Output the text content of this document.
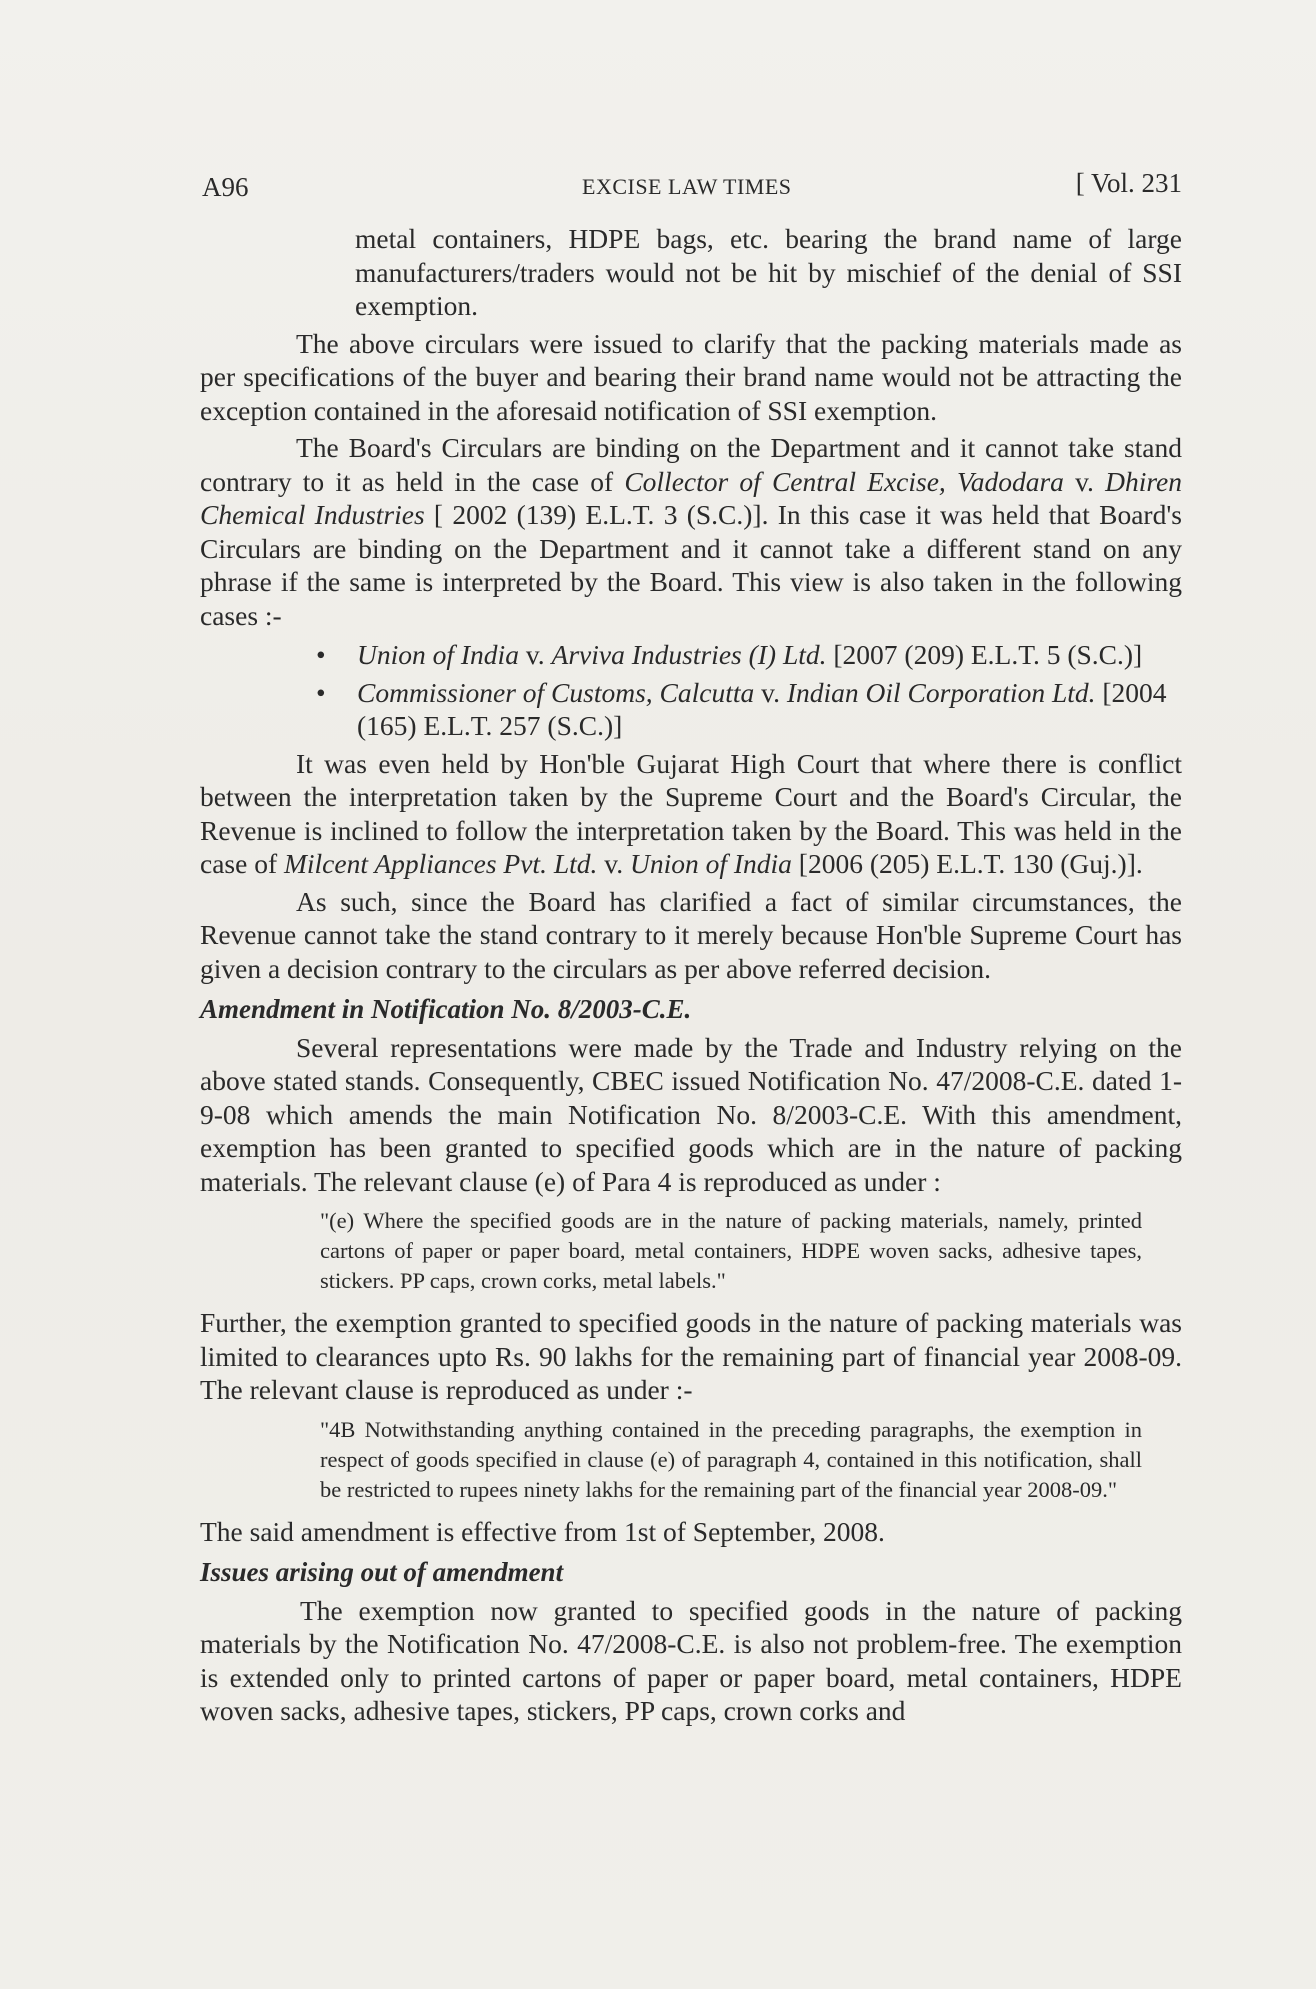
A96	EXCISE LAW TIMES	[ Vol. 231

metal containers, HDPE bags, etc. bearing the brand name of large manufacturers/traders would not be hit by mischief of the denial of SSI exemption.

The above circulars were issued to clarify that the packing materials made as per specifications of the buyer and bearing their brand name would not be attracting the exception contained in the aforesaid notification of SSI exemption.

The Board's Circulars are binding on the Department and it cannot take stand contrary to it as held in the case of Collector of Central Excise, Vadodara v. Dhiren Chemical Industries [ 2002 (139) E.L.T. 3 (S.C.)]. In this case it was held that Board's Circulars are binding on the Department and it cannot take a different stand on any phrase if the same is interpreted by the Board. This view is also taken in the following cases :-

• Union of India v. Arviva Industries (I) Ltd. [2007 (209) E.L.T. 5 (S.C.)]
• Commissioner of Customs, Calcutta v. Indian Oil Corporation Ltd. [2004 (165) E.L.T. 257 (S.C.)]

It was even held by Hon'ble Gujarat High Court that where there is conflict between the interpretation taken by the Supreme Court and the Board's Circular, the Revenue is inclined to follow the interpretation taken by the Board. This was held in the case of Milcent Appliances Pvt. Ltd. v. Union of India [2006 (205) E.L.T. 130 (Guj.)].

As such, since the Board has clarified a fact of similar circumstances, the Revenue cannot take the stand contrary to it merely because Hon'ble Supreme Court has given a decision contrary to the circulars as per above referred decision.

Amendment in Notification No. 8/2003-C.E.

Several representations were made by the Trade and Industry relying on the above stated stands. Consequently, CBEC issued Notification No. 47/2008-C.E. dated 1-9-08 which amends the main Notification No. 8/2003-C.E. With this amendment, exemption has been granted to specified goods which are in the nature of packing materials. The relevant clause (e) of Para 4 is reproduced as under :

"(e) Where the specified goods are in the nature of packing materials, namely, printed cartons of paper or paper board, metal containers, HDPE woven sacks, adhesive tapes, stickers. PP caps, crown corks, metal labels."

Further, the exemption granted to specified goods in the nature of packing materials was limited to clearances upto Rs. 90 lakhs for the remaining part of financial year 2008-09. The relevant clause is reproduced as under :-

"4B Notwithstanding anything contained in the preceding paragraphs, the exemption in respect of goods specified in clause (e) of paragraph 4, contained in this notification, shall be restricted to rupees ninety lakhs for the remaining part of the financial year 2008-09."

The said amendment is effective from 1st of September, 2008.

Issues arising out of amendment

The exemption now granted to specified goods in the nature of packing materials by the Notification No. 47/2008-C.E. is also not problem-free. The exemption is extended only to printed cartons of paper or paper board, metal containers, HDPE woven sacks, adhesive tapes, stickers, PP caps, crown corks and
